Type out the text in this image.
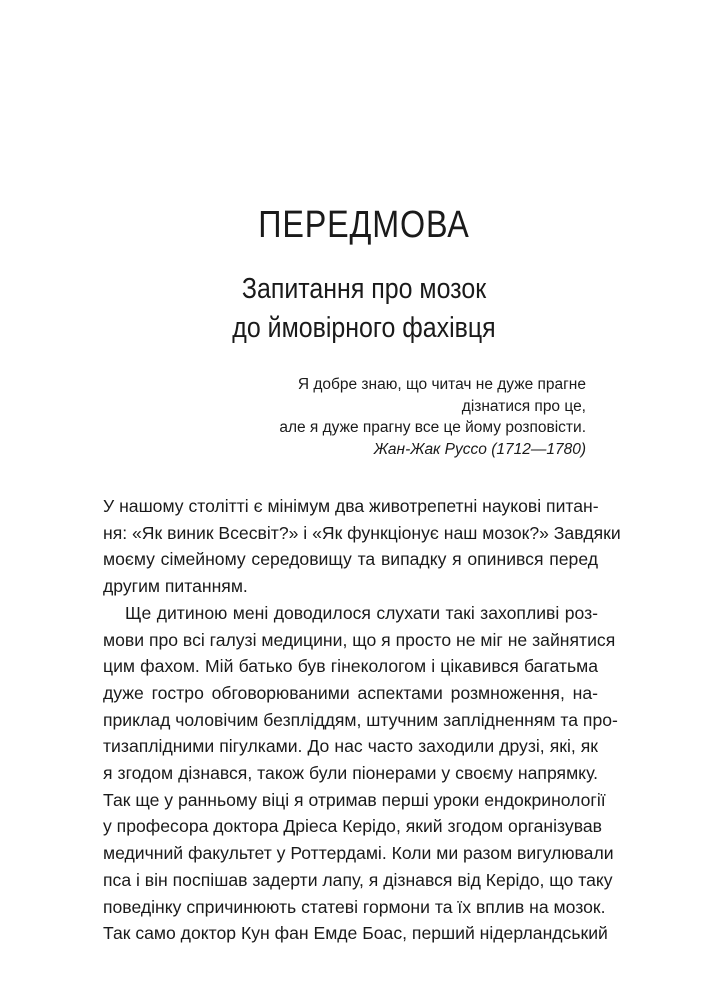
ПЕРЕДМОВА
Запитання про мозок
до ймовірного фахівця
Я добре знаю, що читач не дуже прагне
дізнатися про це,
але я дуже прагну все це йому розповісти.
Жан-Жак Руссо (1712—1780)
У нашому столітті є мінімум два животрепетні наукові питан-
ня: «Як виник Всесвіт?» і «Як функціонує наш мозок?» Завдяки
моєму сімейному середовищу та випадку я опинився перед
другим питанням.
Ще дитиною мені доводилося слухати такі захопливі роз-
мови про всі галузі медицини, що я просто не міг не зайнятися
цим фахом. Мій батько був гінекологом і цікавився багатьма
дуже гостро обговорюваними аспектами розмноження, на-
приклад чоловічим безпліддям, штучним заплідненням та про-
тизаплідними пігулками. До нас часто заходили друзі, які, як
я згодом дізнався, також були піонерами у своєму напрямку.
Так ще у ранньому віці я отримав перші уроки ендокринології
у професора доктора Дріеса Керідо, який згодом організував
медичний факультет у Роттердамі. Коли ми разом вигулювали
пса і він поспішав задерти лапу, я дізнався від Керідо, що таку
поведінку спричинюють статеві гормони та їх вплив на мозок.
Так само доктор Кун фан Емде Боас, перший нідерландський
